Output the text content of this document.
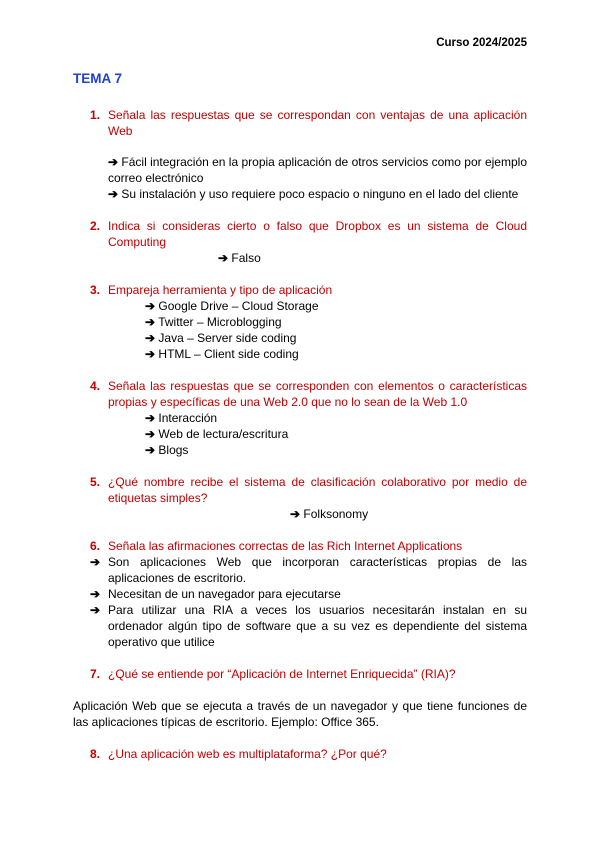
Curso 2024/2025
TEMA 7
1. Señala las respuestas que se correspondan con ventajas de una aplicación Web
➔ Fácil integración en la propia aplicación de otros servicios como por ejemplo correo electrónico
➔ Su instalación y uso requiere poco espacio o ninguno en el lado del cliente
2. Indica si consideras cierto o falso que Dropbox es un sistema de Cloud Computing
➔ Falso
3. Empareja herramienta y tipo de aplicación
➔ Google Drive – Cloud Storage
➔ Twitter – Microblogging
➔ Java – Server side coding
➔ HTML – Client side coding
4. Señala las respuestas que se corresponden con elementos o características propias y específicas de una Web 2.0 que no lo sean de la Web 1.0
➔ Interacción
➔ Web de lectura/escritura
➔ Blogs
5. ¿Qué nombre recibe el sistema de clasificación colaborativo por medio de etiquetas simples?
➔ Folksonomy
6. Señala las afirmaciones correctas de las Rich Internet Applications
➔ Son aplicaciones Web que incorporan características propias de las aplicaciones de escritorio.
➔ Necesitan de un navegador para ejecutarse
➔ Para utilizar una RIA a veces los usuarios necesitarán instalan en su ordenador algún tipo de software que a su vez es dependiente del sistema operativo que utilice
7. ¿Qué se entiende por “Aplicación de Internet Enriquecida” (RIA)?
Aplicación Web que se ejecuta a través de un navegador y que tiene funciones de las aplicaciones típicas de escritorio. Ejemplo: Office 365.
8. ¿Una aplicación web es multiplataforma? ¿Por qué?
